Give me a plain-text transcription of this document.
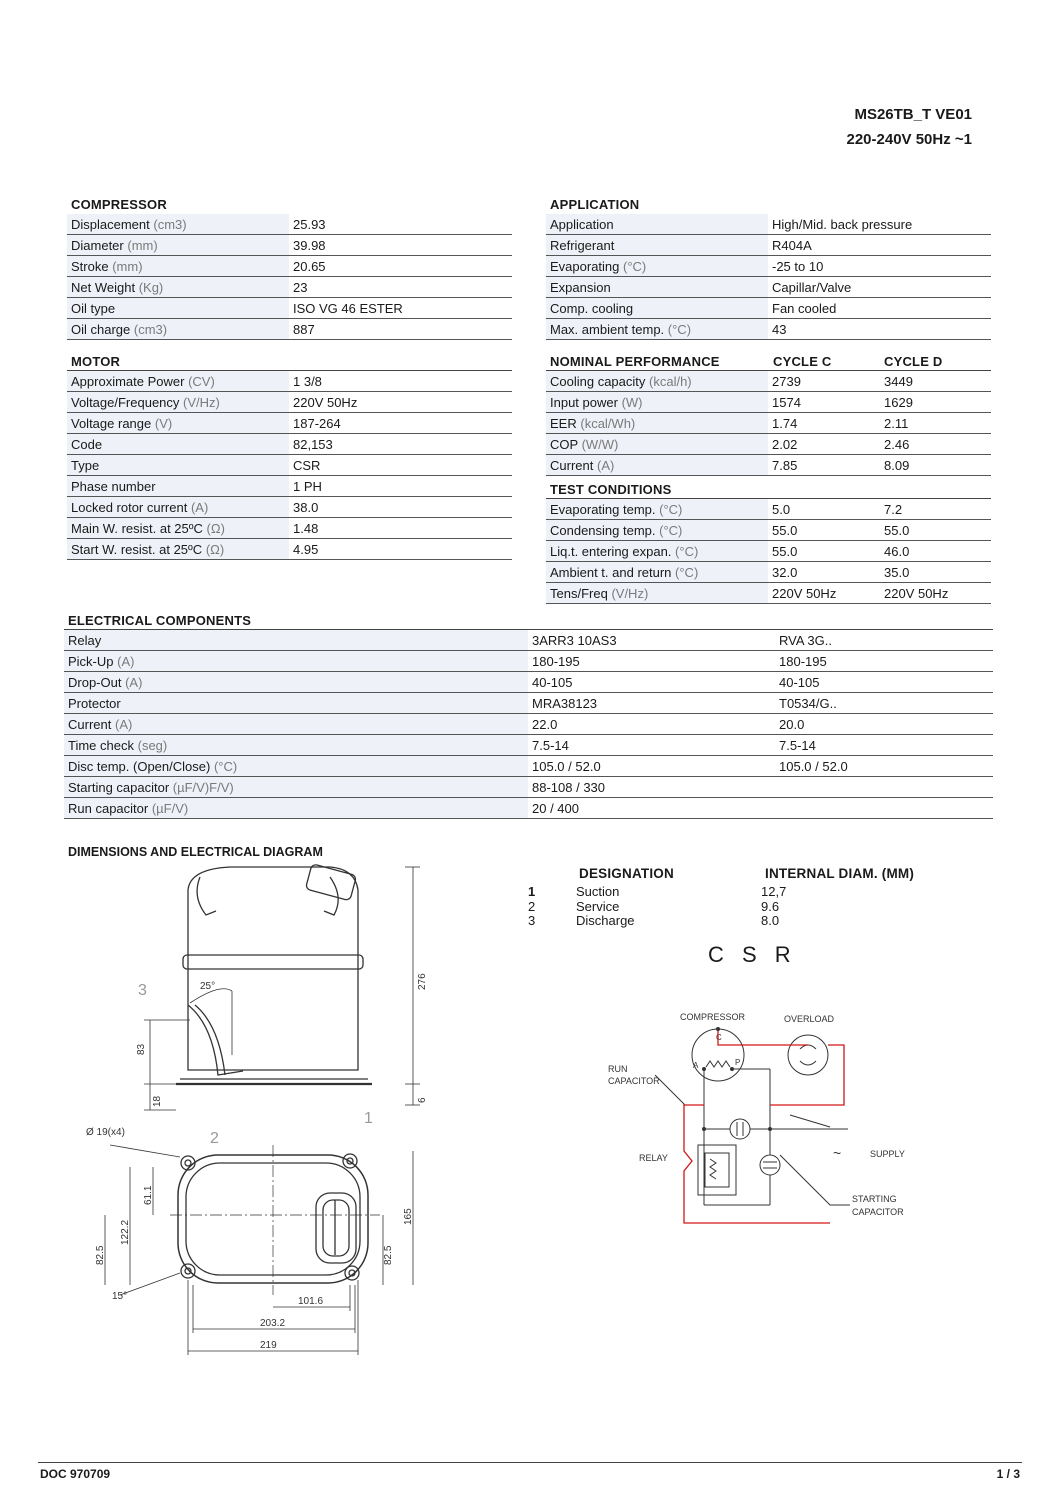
MS26TB_T VE01
220-240V 50Hz ~1
COMPRESSOR
Displacement (cm3)	25.93
Diameter (mm)	39.98
Stroke (mm)	20.65
Net Weight (Kg)	23
Oil type	ISO VG 46 ESTER
Oil charge (cm3)	887
APPLICATION
Application	High/Mid. back pressure
Refrigerant	R404A
Evaporating (°C)	-25 to 10
Expansion	Capillar/Valve
Comp. cooling	Fan cooled
Max. ambient temp. (°C)	43
MOTOR
Approximate Power (CV)	1 3/8
Voltage/Frequency (V/Hz)	220V 50Hz
Voltage range (V)	187-264
Code	82,153
Type	CSR
Phase number	1 PH
Locked rotor current (A)	38.0
Main W. resist. at 25ºC (Ω)	1.48
Start W. resist. at 25ºC (Ω)	4.95
NOMINAL PERFORMANCE	CYCLE C	CYCLE D
Cooling capacity (kcal/h)	2739	3449
Input power (W)	1574	1629
EER (kcal/Wh)	1.74	2.11
COP (W/W)	2.02	2.46
Current (A)	7.85	8.09
TEST CONDITIONS
Evaporating temp. (°C)	5.0	7.2
Condensing temp. (°C)	55.0	55.0
Liq.t. entering expan. (°C)	55.0	46.0
Ambient t. and return (°C)	32.0	35.0
Tens/Freq (V/Hz)	220V 50Hz	220V 50Hz
ELECTRICAL COMPONENTS
Relay	3ARR3 10AS3	RVA 3G..
Pick-Up (A)	180-195	180-195
Drop-Out (A)	40-105	40-105
Protector	MRA38123	T0534/G..
Current (A)	22.0	20.0
Time check (seg)	7.5-14	7.5-14
Disc temp. (Open/Close) (°C)	105.0 / 52.0	105.0 / 52.0
Starting capacitor (µF/V)F/V)	88-108 / 330	
Run capacitor (µF/V)	20 / 400	
DIMENSIONS AND ELECTRICAL DIAGRAM
DESIGNATION	INTERNAL DIAM. (MM)
1	Suction	12,7
2	Service	9.6
3	Discharge	8.0
C S R
276
6
83
18
25°
3
2
1
Ø 19(x4)
61.1
122.2
82.5	82.5
165
101.6
203.2
219
15°
COMPRESSOR	OVERLOAD
RUN
CAPACITOR
RELAY	SUPPLY
STARTING
CAPACITOR
C
A	P
~
DOC 970709	1 / 3
